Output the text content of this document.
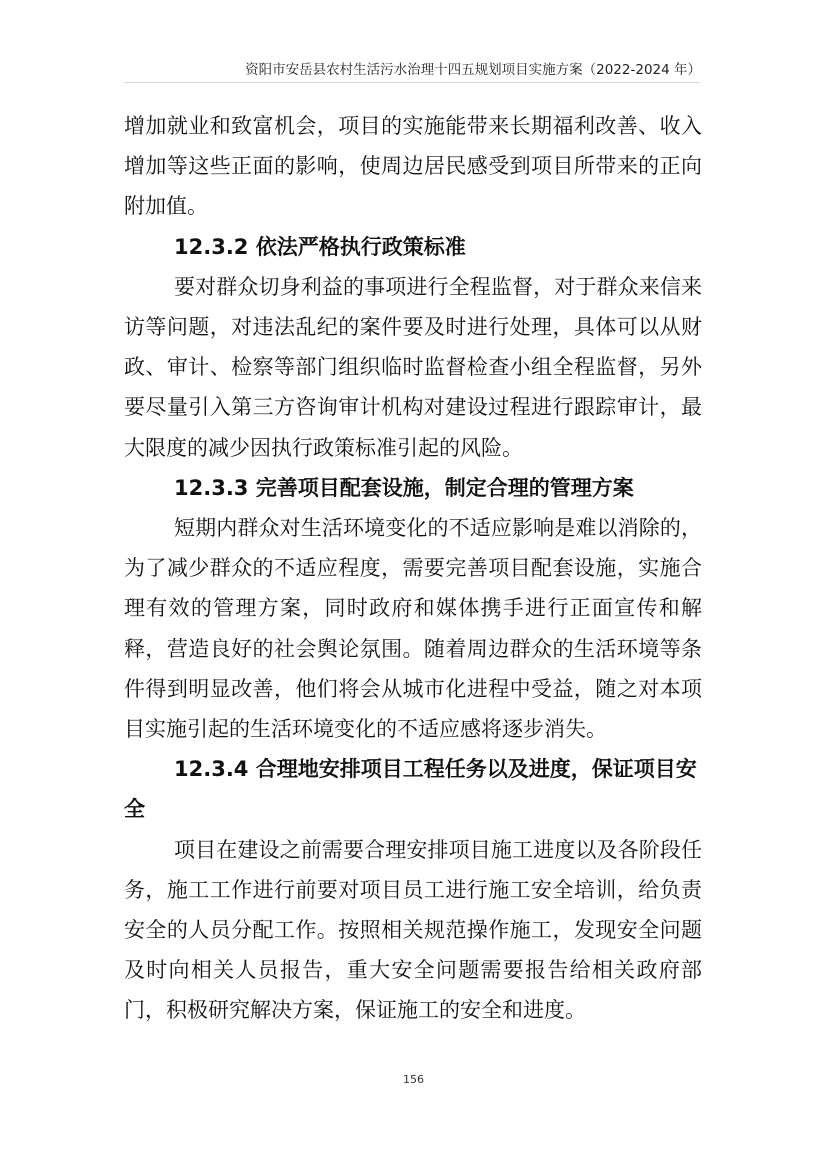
资阳市安岳县农村生活污水治理十四五规划项目实施方案（2022-2024 年）

增加就业和致富机会，项目的实施能带来长期福利改善、收入增加等这些正面的影响，使周边居民感受到项目所带来的正向附加值。

12.3.2 依法严格执行政策标准

要对群众切身利益的事项进行全程监督，对于群众来信来访等问题，对违法乱纪的案件要及时进行处理，具体可以从财政、审计、检察等部门组织临时监督检查小组全程监督，另外要尽量引入第三方咨询审计机构对建设过程进行跟踪审计，最大限度的减少因执行政策标准引起的风险。

12.3.3 完善项目配套设施，制定合理的管理方案

短期内群众对生活环境变化的不适应影响是难以消除的，为了减少群众的不适应程度，需要完善项目配套设施，实施合理有效的管理方案，同时政府和媒体携手进行正面宣传和解释，营造良好的社会舆论氛围。随着周边群众的生活环境等条件得到明显改善，他们将会从城市化进程中受益，随之对本项目实施引起的生活环境变化的不适应感将逐步消失。

12.3.4 合理地安排项目工程任务以及进度，保证项目安全

项目在建设之前需要合理安排项目施工进度以及各阶段任务，施工工作进行前要对项目员工进行施工安全培训，给负责安全的人员分配工作。按照相关规范操作施工，发现安全问题及时向相关人员报告，重大安全问题需要报告给相关政府部门，积极研究解决方案，保证施工的安全和进度。

156
